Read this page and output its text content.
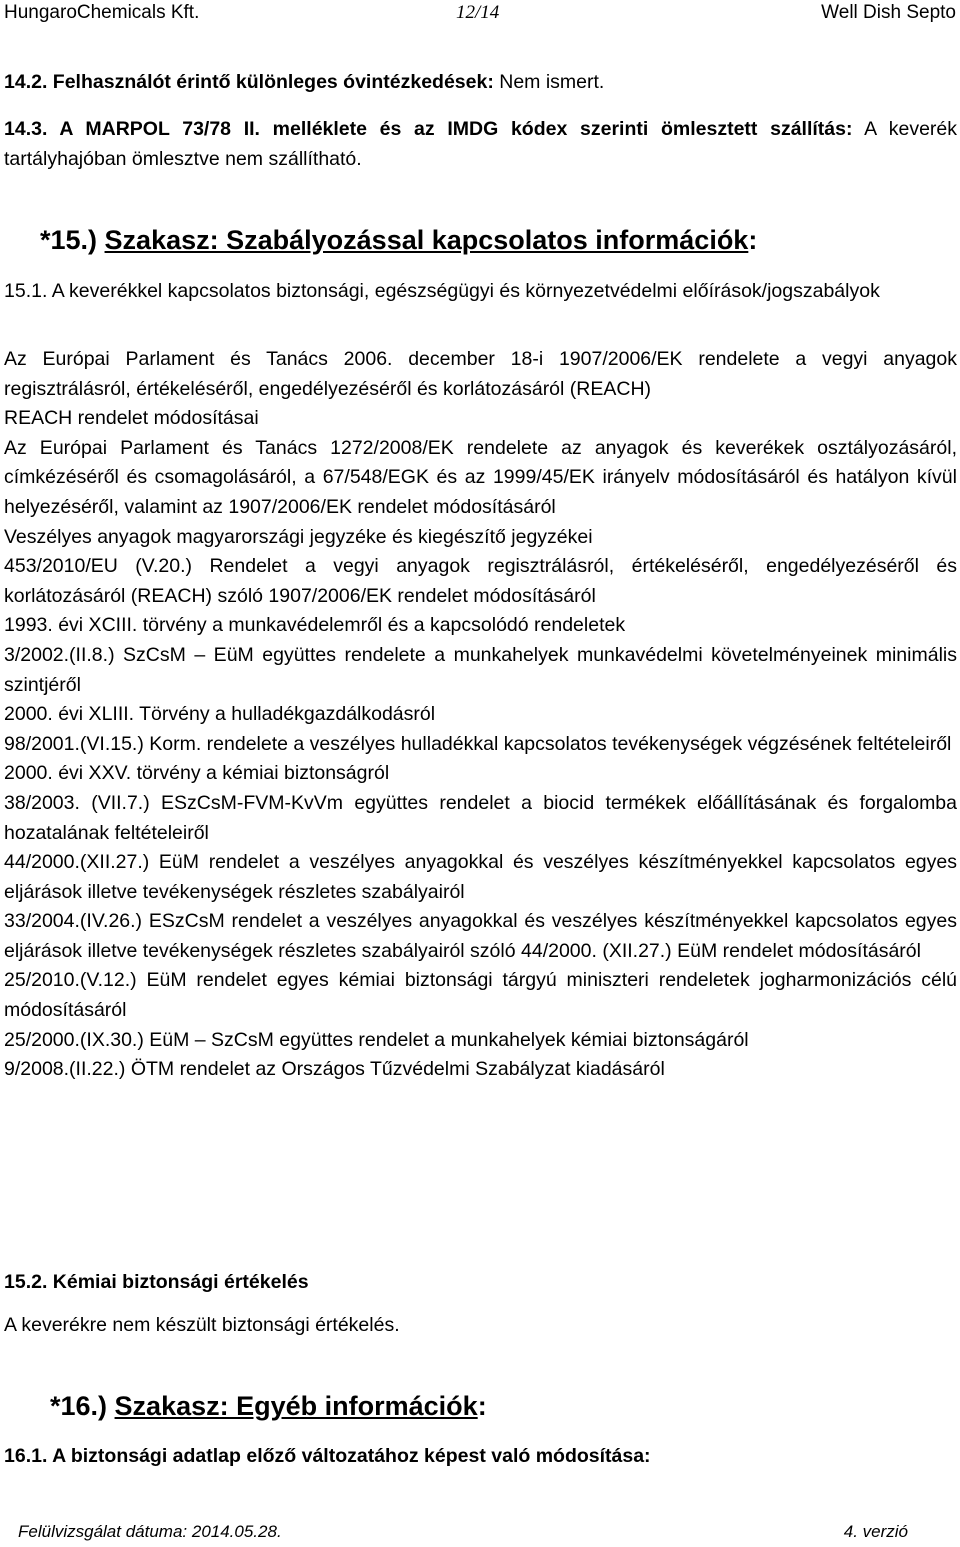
HungaroChemicals Kft.	12/14	Well Dish Septo
14.2. Felhasználót érintő különleges óvintézkedések: Nem ismert.
14.3. A MARPOL 73/78 II. melléklete és az IMDG kódex szerinti ömlesztett szállítás: A keverék tartályhajóban ömlesztve nem szállítható.
*15.) Szakasz: Szabályozással kapcsolatos információk:
15.1. A keverékkel kapcsolatos biztonsági, egészségügyi és környezetvédelmi előírások/jogszabályok
Az Európai Parlament és Tanács 2006. december 18-i 1907/2006/EK rendelete a vegyi anyagok regisztrálásról, értékeléséről, engedélyezéséről és korlátozásáról (REACH)
REACH rendelet módosításai
Az Európai Parlament és Tanács 1272/2008/EK rendelete az anyagok és keverékek osztályozásáról, címkézéséről és csomagolásáról, a 67/548/EGK és az 1999/45/EK irányelv módosításáról és hatályon kívül helyezéséről, valamint az 1907/2006/EK rendelet módosításáról
Veszélyes anyagok magyarországi jegyzéke és kiegészítő jegyzékei
453/2010/EU (V.20.) Rendelet a vegyi anyagok regisztrálásról, értékeléséről, engedélyezéséről és korlátozásáról (REACH) szóló 1907/2006/EK rendelet módosításáról
1993. évi XCIII. törvény a munkavédelemről és a kapcsolódó rendeletek
3/2002.(II.8.) SzCsM – EüM együttes rendelete a munkahelyek munkavédelmi követelményeinek minimális szintjéről
2000. évi XLIII. Törvény a hulladékgazdálkodásról
98/2001.(VI.15.) Korm. rendelete a veszélyes hulladékkal kapcsolatos tevékenységek végzésének feltételeiről
2000. évi XXV. törvény a kémiai biztonságról
38/2003. (VII.7.) ESzCsM-FVM-KvVm együttes rendelet a biocid termékek előállításának és forgalomba hozatalának feltételeiről
44/2000.(XII.27.) EüM rendelet a veszélyes anyagokkal és veszélyes készítményekkel kapcsolatos egyes eljárások illetve tevékenységek részletes szabályairól
33/2004.(IV.26.) ESzCsM rendelet a veszélyes anyagokkal és veszélyes készítményekkel kapcsolatos egyes eljárások illetve tevékenységek részletes szabályairól szóló 44/2000. (XII.27.) EüM rendelet módosításáról
25/2010.(V.12.) EüM rendelet egyes kémiai biztonsági tárgyú miniszteri rendeletek jogharmonizációs célú módosításáról
25/2000.(IX.30.) EüM – SzCsM együttes rendelet a munkahelyek kémiai biztonságáról
9/2008.(II.22.) ÖTM rendelet az Országos Tűzvédelmi Szabályzat kiadásáról
15.2. Kémiai biztonsági értékelés
A keverékre nem készült biztonsági értékelés.
*16.) Szakasz: Egyéb információk:
16.1. A biztonsági adatlap előző változatához képest való módosítása:
Felülvizsgálat dátuma: 2014.05.28.	4. verzió
